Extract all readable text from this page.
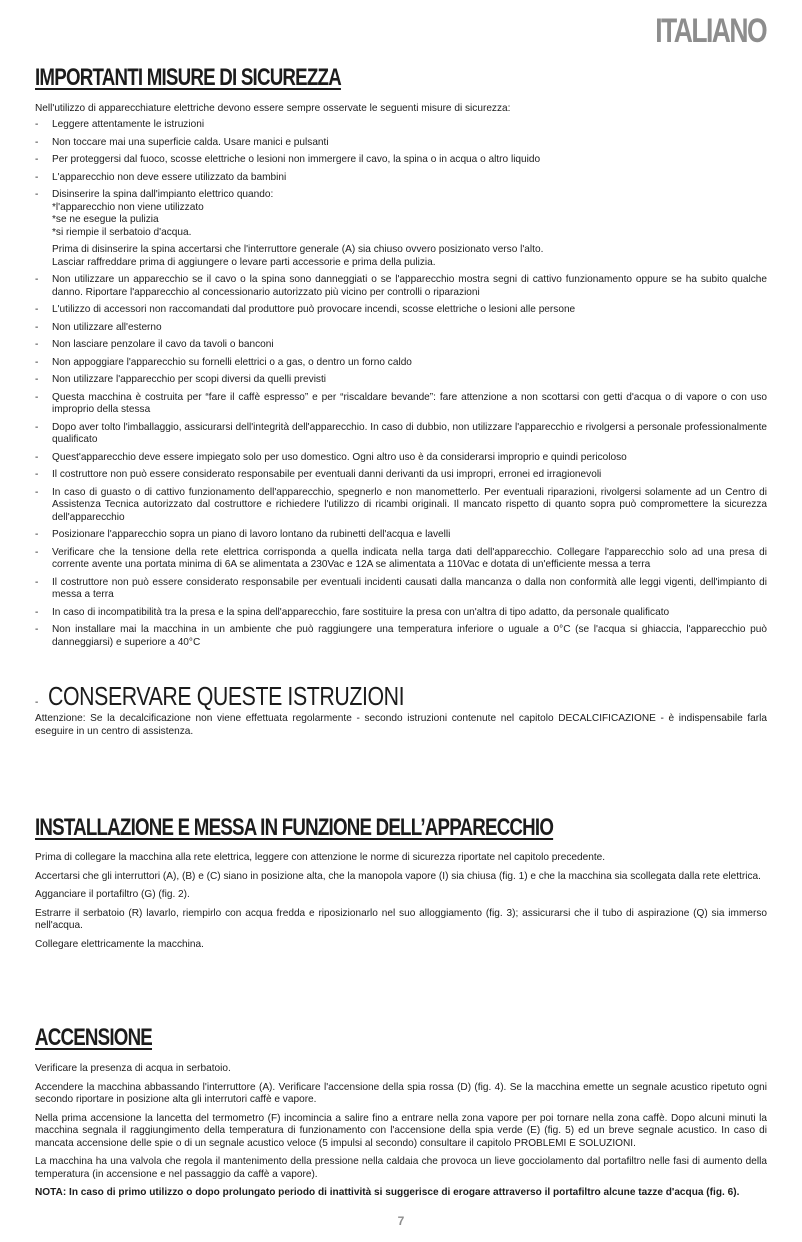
ITALIANO
IMPORTANTI MISURE DI SICUREZZA

Nell'utilizzo di apparecchiature elettriche devono essere sempre osservate le seguenti misure di sicurezza:

- Leggere attentamente le istruzioni
- Non toccare mai una superficie calda. Usare manici e pulsanti
- Per proteggersi dal fuoco, scosse elettriche o lesioni non immergere il cavo, la spina o in acqua o altro liquido
- L'apparecchio non deve essere utilizzato da bambini
- Disinserire la spina dall'impianto elettrico quando:
*l'apparecchio non viene utilizzato
*se ne esegue la pulizia
*si riempie il serbatoio d'acqua.
Prima di disinserire la spina accertarsi che l'interruttore generale (A) sia chiuso ovvero posizionato verso l'alto.
Lasciar raffreddare prima di aggiungere o levare parti accessorie e prima della pulizia.
- Non utilizzare un apparecchio se il cavo o la spina sono danneggiati o se l'apparecchio mostra segni di cattivo funzionamento oppure se ha subito qualche danno. Riportare l'apparecchio al concessionario autorizzato più vicino per controlli o riparazioni
- L'utilizzo di accessori non raccomandati dal produttore può provocare incendi, scosse elettriche o lesioni alle persone
- Non utilizzare all'esterno
- Non lasciare penzolare il cavo da tavoli o banconi
- Non appoggiare l'apparecchio su fornelli elettrici o a gas, o dentro un forno caldo
- Non utilizzare l'apparecchio per scopi diversi da quelli previsti
- Questa macchina è costruita per “fare il caffè espresso” e per “riscaldare bevande”: fare attenzione a non scottarsi con getti d'acqua o di vapore o con uso improprio della stessa
- Dopo aver tolto l'imballaggio, assicurarsi dell'integrità dell'apparecchio. In caso di dubbio, non utilizzare l'apparecchio e rivolgersi a personale professionalmente qualificato
- Quest'apparecchio deve essere impiegato solo per uso domestico. Ogni altro uso è da considerarsi improprio e quindi pericoloso
- Il costruttore non può essere considerato responsabile per eventuali danni derivanti da usi impropri, erronei ed irragionevoli
- In caso di guasto o di cattivo funzionamento dell'apparecchio, spegnerlo e non manometterlo. Per eventuali riparazioni, rivolgersi solamente ad un Centro di Assistenza Tecnica autorizzato dal costruttore e richiedere l'utilizzo di ricambi originali. Il mancato rispetto di quanto sopra può compromettere la sicurezza dell'apparecchio
- Posizionare l'apparecchio sopra un piano di lavoro lontano da rubinetti dell'acqua e lavelli
- Verificare che la tensione della rete elettrica corrisponda a quella indicata nella targa dati dell'apparecchio. Collegare l'apparecchio solo ad una presa di corrente avente una portata minima di 6A se alimentata a 230Vac e 12A se alimentata a 110Vac e dotata di un'efficiente messa a terra
- Il costruttore non può essere considerato responsabile per eventuali incidenti causati dalla mancanza o dalla non conformità alle leggi vigenti, dell'impianto di messa a terra
- In caso di incompatibilità tra la presa e la spina dell'apparecchio, fare sostituire la presa con un'altra di tipo adatto, da personale qualificato
- Non installare mai la macchina in un ambiente che può raggiungere una temperatura inferiore o uguale a 0°C (se l'acqua si ghiaccia, l'apparecchio può danneggiarsi) e superiore a 40°C
- CONSERVARE QUESTE ISTRUZIONI

Attenzione: Se la decalcificazione non viene effettuata regolarmente - secondo istruzioni contenute nel capitolo DECALCIFICAZIONE - è indispensabile farla eseguire in un centro di assistenza.

INSTALLAZIONE E MESSA IN FUNZIONE DELL’APPARECCHIO

Prima di collegare la macchina alla rete elettrica, leggere con attenzione le norme di sicurezza riportate nel capitolo precedente.

Accertarsi che gli interruttori (A), (B) e (C) siano in posizione alta, che la manopola vapore (I) sia chiusa (fig. 1) e che la macchina sia scollegata dalla rete elettrica.

Agganciare il portafiltro (G) (fig. 2).

Estrarre il serbatoio (R) lavarlo, riempirlo con acqua fredda e riposizionarlo nel suo alloggiamento (fig. 3); assicurarsi che il tubo di aspirazione (Q) sia immerso nell'acqua.

Collegare elettricamente la macchina.

ACCENSIONE

Verificare la presenza di acqua in serbatoio.

Accendere la macchina abbassando l'interruttore (A). Verificare l'accensione della spia rossa (D) (fig. 4). Se la macchina emette un segnale acustico ripetuto ogni secondo riportare in posizione alta gli interrutori caffè e vapore.

Nella prima accensione la lancetta del termometro (F) incomincia a salire fino a entrare nella zona vapore per poi tornare nella zona caffè. Dopo alcuni minuti la macchina segnala il raggiungimento della temperatura di funzionamento con l'accensione della spia verde (E) (fig. 5) ed un breve segnale acustico. In caso di mancata accensione delle spie o di un segnale acustico veloce (5 impulsi al secondo) consultare il capitolo PROBLEMI E SOLUZIONI.

La macchina ha una valvola che regola il mantenimento della pressione nella caldaia che provoca un lieve gocciolamento dal portafiltro nelle fasi di aumento della temperatura (in accensione e nel passaggio da caffè a vapore).

NOTA: In caso di primo utilizzo o dopo prolungato periodo di inattività si suggerisce di erogare attraverso il portafiltro alcune tazze d'acqua (fig. 6).

7
